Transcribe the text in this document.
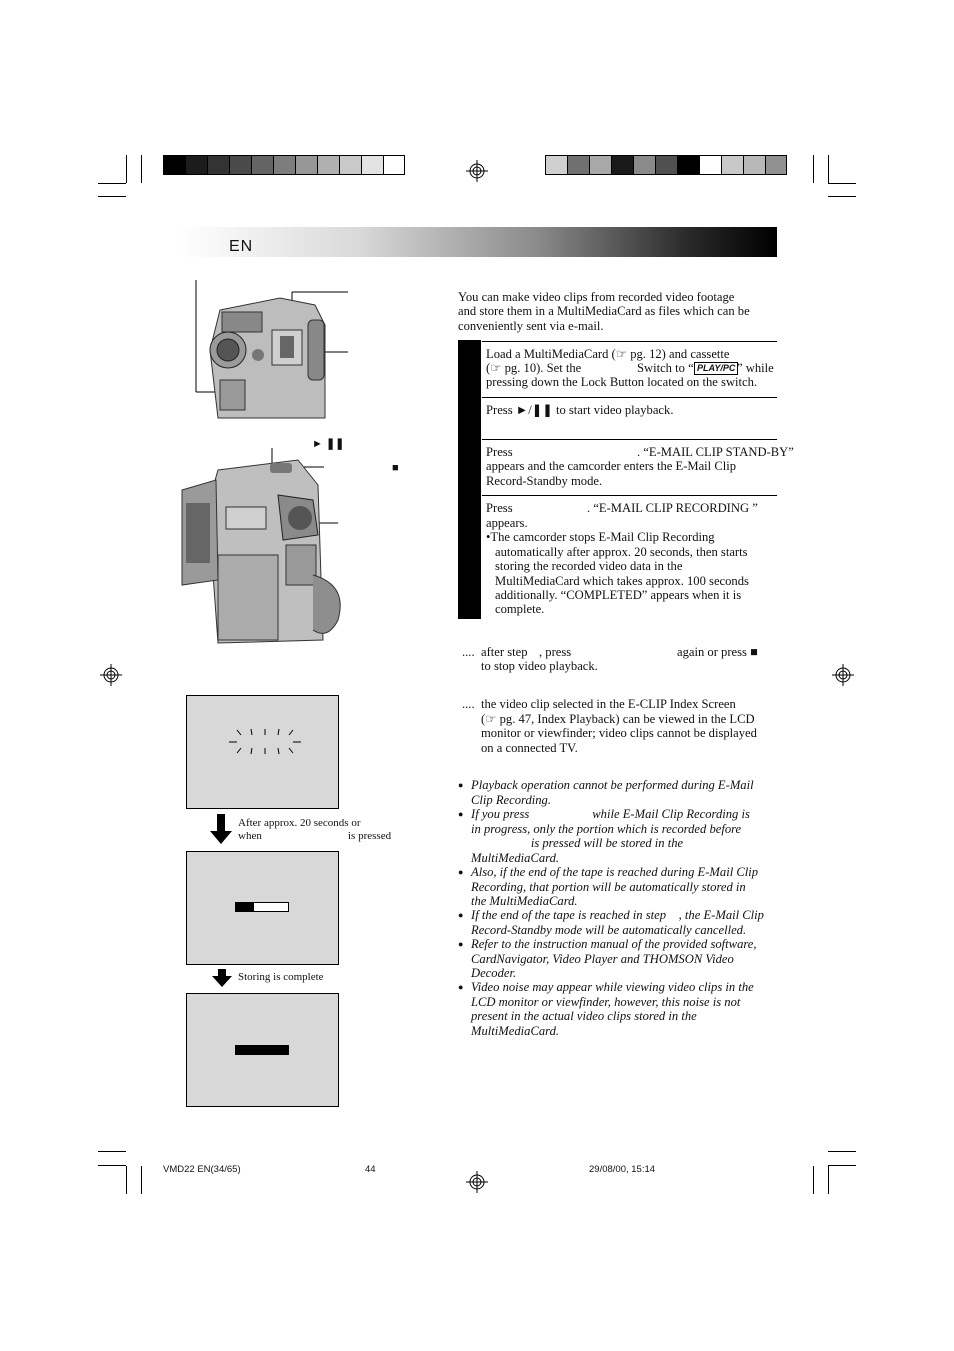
EN
► ❚❚
■
You can make video clips from recorded video footage
and store them in a MultiMediaCard as files which can be
conveniently sent via e-mail.
Load a MultiMediaCard (☞ pg. 12) and cassette
(☞ pg. 10). Set the	Switch to “ PLAY/PC ” while
pressing down the Lock Button located on the switch.
Press ►/❚❚ to start video playback.
Press	. “E-MAIL CLIP STAND-BY”
appears and the camcorder enters the E-Mail Clip
Record-Standby mode.
Press	. “E-MAIL CLIP RECORDING ”
appears.
•The camcorder stops E-Mail Clip Recording
automatically after approx. 20 seconds, then starts
storing the recorded video data in the
MultiMediaCard which takes approx. 100 seconds
additionally. “COMPLETED” appears when it is
complete.
.... after step , press	again or press ■
to stop video playback.
.... the video clip selected in the E-CLIP Index Screen
(☞ pg. 47, Index Playback) can be viewed in the LCD
monitor or viewfinder; video clips cannot be displayed
on a connected TV.
● Playback operation cannot be performed during E-Mail
Clip Recording.
● If you press                    while E-Mail Clip Recording is
in progress, only the portion which is recorded before
is pressed will be stored in the
MultiMediaCard.
● Also, if the end of the tape is reached during E-Mail Clip
Recording, that portion will be automatically stored in
the MultiMediaCard.
● If the end of the tape is reached in step    , the E-Mail Clip
Record-Standby mode will be automatically cancelled.
● Refer to the instruction manual of the provided software,
CardNavigator, Video Player and THOMSON Video
Decoder.
● Video noise may appear while viewing video clips in the
LCD monitor or viewfinder, however, this noise is not
present in the actual video clips stored in the
MultiMediaCard.
After approx. 20 seconds or
when	is pressed
Storing is complete
VMD22 EN(34/65)	44	29/08/00, 15:14
